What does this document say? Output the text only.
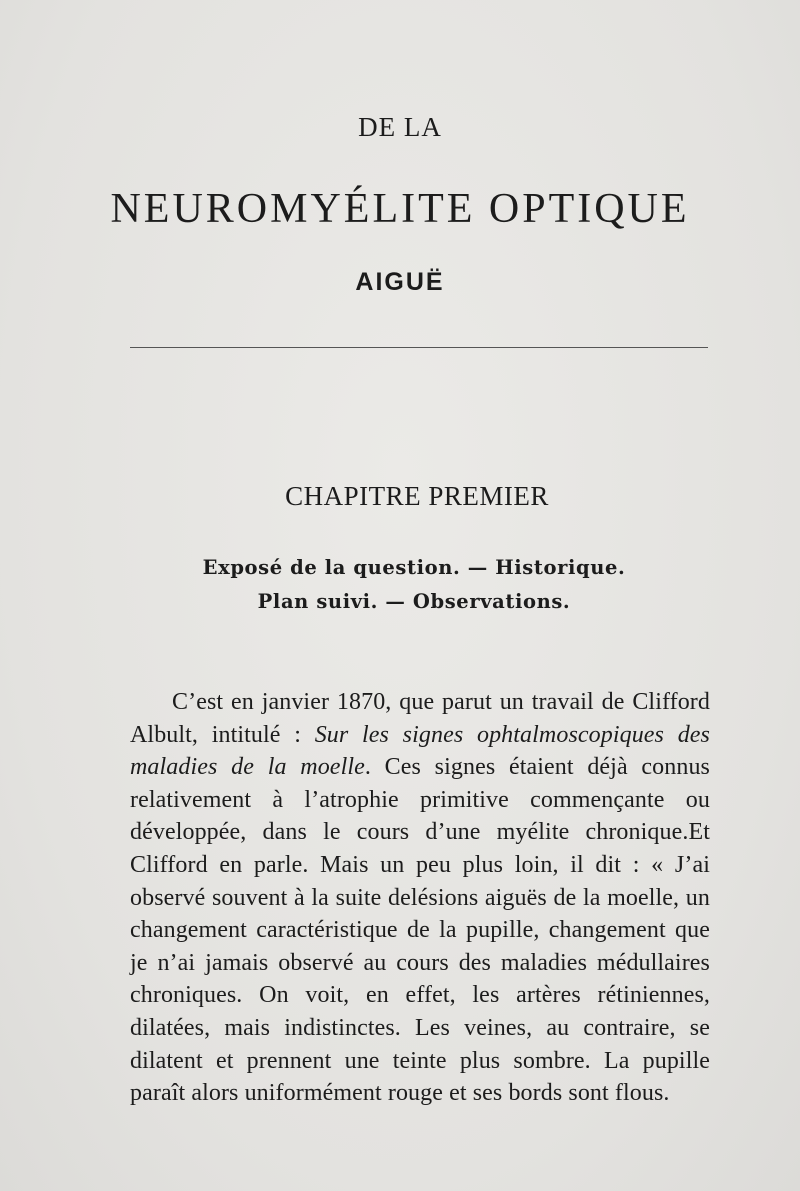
DE LA
NEUROMYÉLITE OPTIQUE
AIGUË
CHAPITRE PREMIER
Exposé de la question. — Historique.
Plan suivi. — Observations.

C’est en janvier 1870, que parut un travail de Clifford Albult, intitulé : Sur les signes ophtalmoscopiques des maladies de la moelle. Ces signes étaient déjà connus relativement à l’atrophie primitive commençante ou développée, dans le cours d’une myélite chronique.Et Clifford en parle. Mais un peu plus loin, il dit : « J’ai observé souvent à la suite delésions aiguës de la moelle, un changement caractéristique de la pupille, changement que je n’ai jamais observé au cours des maladies médullaires chroniques. On voit, en effet, les artères rétiniennes, dilatées, mais indistinctes. Les veines, au contraire, se dilatent et prennent une teinte plus sombre. La pupille paraît alors uniformément rouge et ses bords sont flous.
